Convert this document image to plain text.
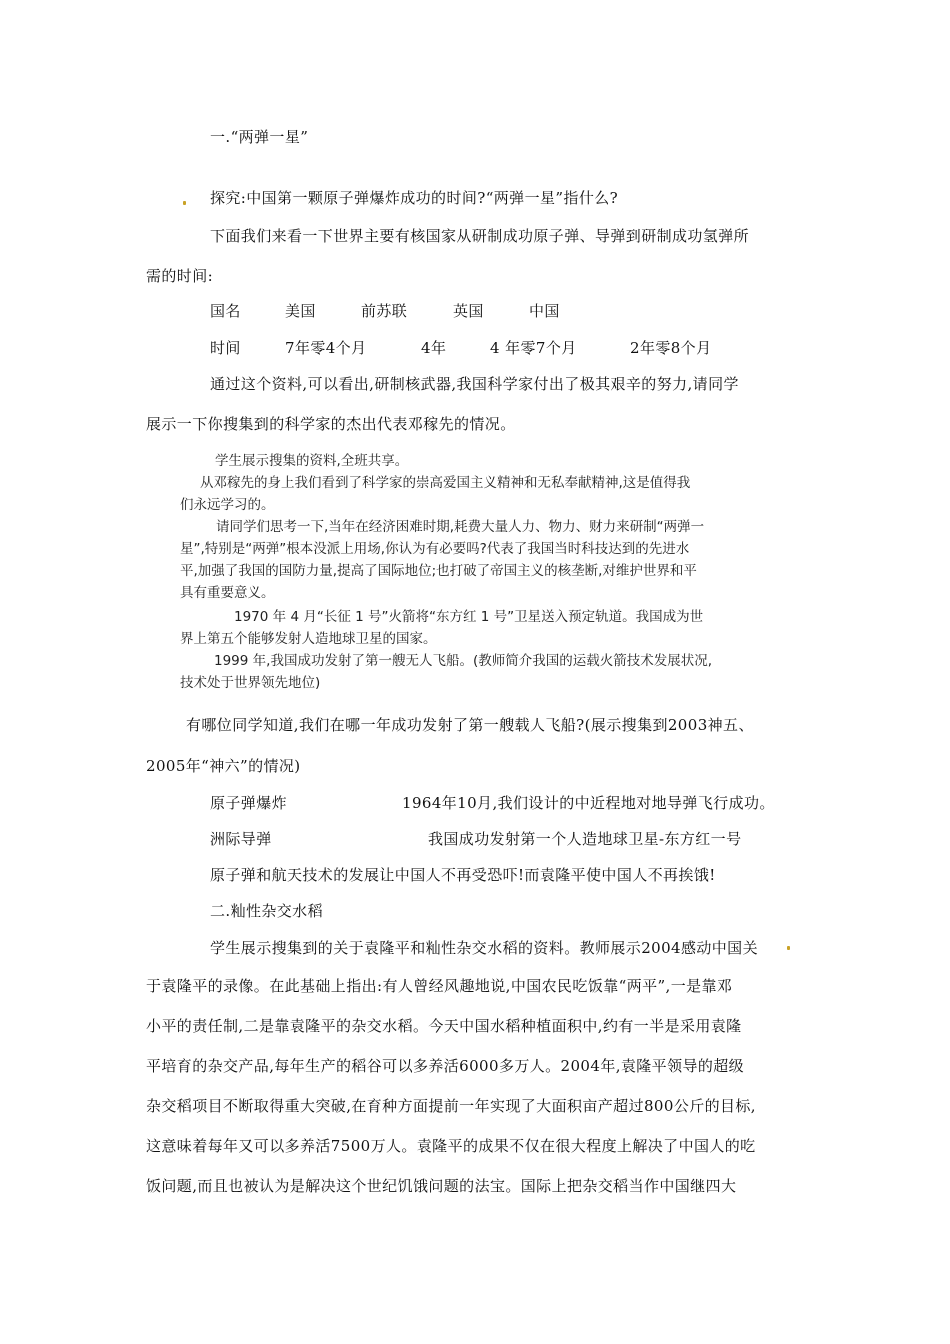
一.“两弹一星”
探究:中国第一颗原子弹爆炸成功的时间?“两弹一星”指什么?
下面我们来看一下世界主要有核国家从研制成功原子弹、导弹到研制成功氢弹所
需的时间:
国名	美国	前苏联	英国	中国
时间	7年零4个月	4年	4 年零7个月	2年零8个月
通过这个资料,可以看出,研制核武器,我国科学家付出了极其艰辛的努力,请同学
展示一下你搜集到的科学家的杰出代表邓稼先的情况。
学生展示搜集的资料,全班共享。
从邓稼先的身上我们看到了科学家的崇高爱国主义精神和无私奉献精神,这是值得我
们永远学习的。
请同学们思考一下,当年在经济困难时期,耗费大量人力、物力、财力来研制“两弹一
星”,特别是“两弹”根本没派上用场,你认为有必要吗?代表了我国当时科技达到的先进水
平,加强了我国的国防力量,提高了国际地位;也打破了帝国主义的核垄断,对维护世界和平
具有重要意义。
1970 年 4 月“长征 1 号”火箭将“东方红 1 号”卫星送入预定轨道。我国成为世
界上第五个能够发射人造地球卫星的国家。
1999 年,我国成功发射了第一艘无人飞船。(教师简介我国的运载火箭技术发展状况,
技术处于世界领先地位)
有哪位同学知道,我们在哪一年成功发射了第一艘载人飞船?(展示搜集到2003神五、
2005年“神六”的情况)
原子弹爆炸	1964年10月,我们设计的中近程地对地导弹飞行成功。
洲际导弹	我国成功发射第一个人造地球卫星-东方红一号
原子弹和航天技术的发展让中国人不再受恐吓!而袁隆平使中国人不再挨饿!
二.籼性杂交水稻
学生展示搜集到的关于袁隆平和籼性杂交水稻的资料。教师展示2004感动中国关
于袁隆平的录像。在此基础上指出:有人曾经风趣地说,中国农民吃饭靠“两平”,一是靠邓
小平的责任制,二是靠袁隆平的杂交水稻。今天中国水稻种植面积中,约有一半是采用袁隆
平培育的杂交产品,每年生产的稻谷可以多养活6000多万人。2004年,袁隆平领导的超级
杂交稻项目不断取得重大突破,在育种方面提前一年实现了大面积亩产超过800公斤的目标,
这意味着每年又可以多养活7500万人。袁隆平的成果不仅在很大程度上解决了中国人的吃
饭问题,而且也被认为是解决这个世纪饥饿问题的法宝。国际上把杂交稻当作中国继四大
